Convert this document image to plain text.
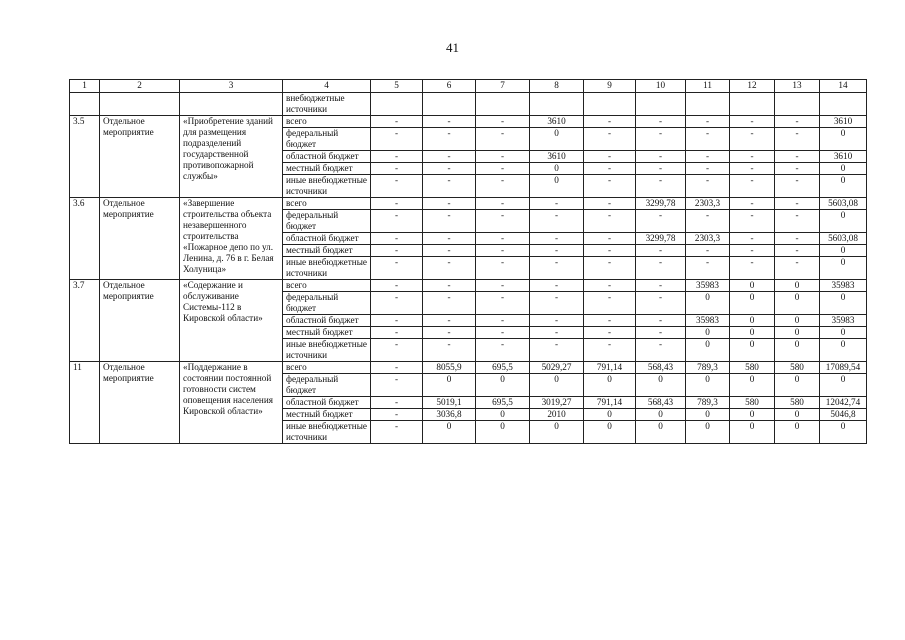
41
1	2	3	4	5	6	7	8	9	10	11	12	13	14
			внебюджетные источники										
3.5	Отдельное мероприятие	«Приобретение зданий для размещения подразделений государственной противопожарной службы»	всего	-	-	-	3610	-	-	-	-	-	3610
			федеральный бюджет	-	-	-	0	-	-	-	-	-	0
			областной бюджет	-	-	-	3610	-	-	-	-	-	3610
			местный бюджет	-	-	-	0	-	-	-	-	-	0
			иные внебюджетные источники	-	-	-	0	-	-	-	-	-	0
3.6	Отдельное мероприятие	«Завершение строительства объекта незавершенного строительства «Пожарное депо по ул. Ленина, д. 76 в г. Белая Холуница»	всего	-	-	-	-	-	3299,78	2303,3	-	-	5603,08
			федеральный бюджет	-	-	-	-	-	-	-	-	-	0
			областной бюджет	-	-	-	-	-	3299,78	2303,3	-	-	5603,08
			местный бюджет	-	-	-	-	-	-	-	-	-	0
			иные внебюджетные источники	-	-	-	-	-	-	-	-	-	0
3.7	Отдельное мероприятие	«Содержание и обслуживание Системы-112 в Кировской области»	всего	-	-	-	-	-	-	35983	0	0	35983
			федеральный бюджет	-	-	-	-	-	-	0	0	0	0
			областной бюджет	-	-	-	-	-	-	35983	0	0	35983
			местный бюджет	-	-	-	-	-	-	0	0	0	0
			иные внебюджетные источники	-	-	-	-	-	-	0	0	0	0
11	Отдельное мероприятие	«Поддержание в состоянии постоянной готовности систем оповещения населения Кировской области»	всего	-	8055,9	695,5	5029,27	791,14	568,43	789,3	580	580	17089,54
			федеральный бюджет	-	0	0	0	0	0	0	0	0	0
			областной бюджет	-	5019,1	695,5	3019,27	791,14	568,43	789,3	580	580	12042,74
			местный бюджет	-	3036,8	0	2010	0	0	0	0	0	5046,8
			иные внебюджетные источники	-	0	0	0	0	0	0	0	0	0
